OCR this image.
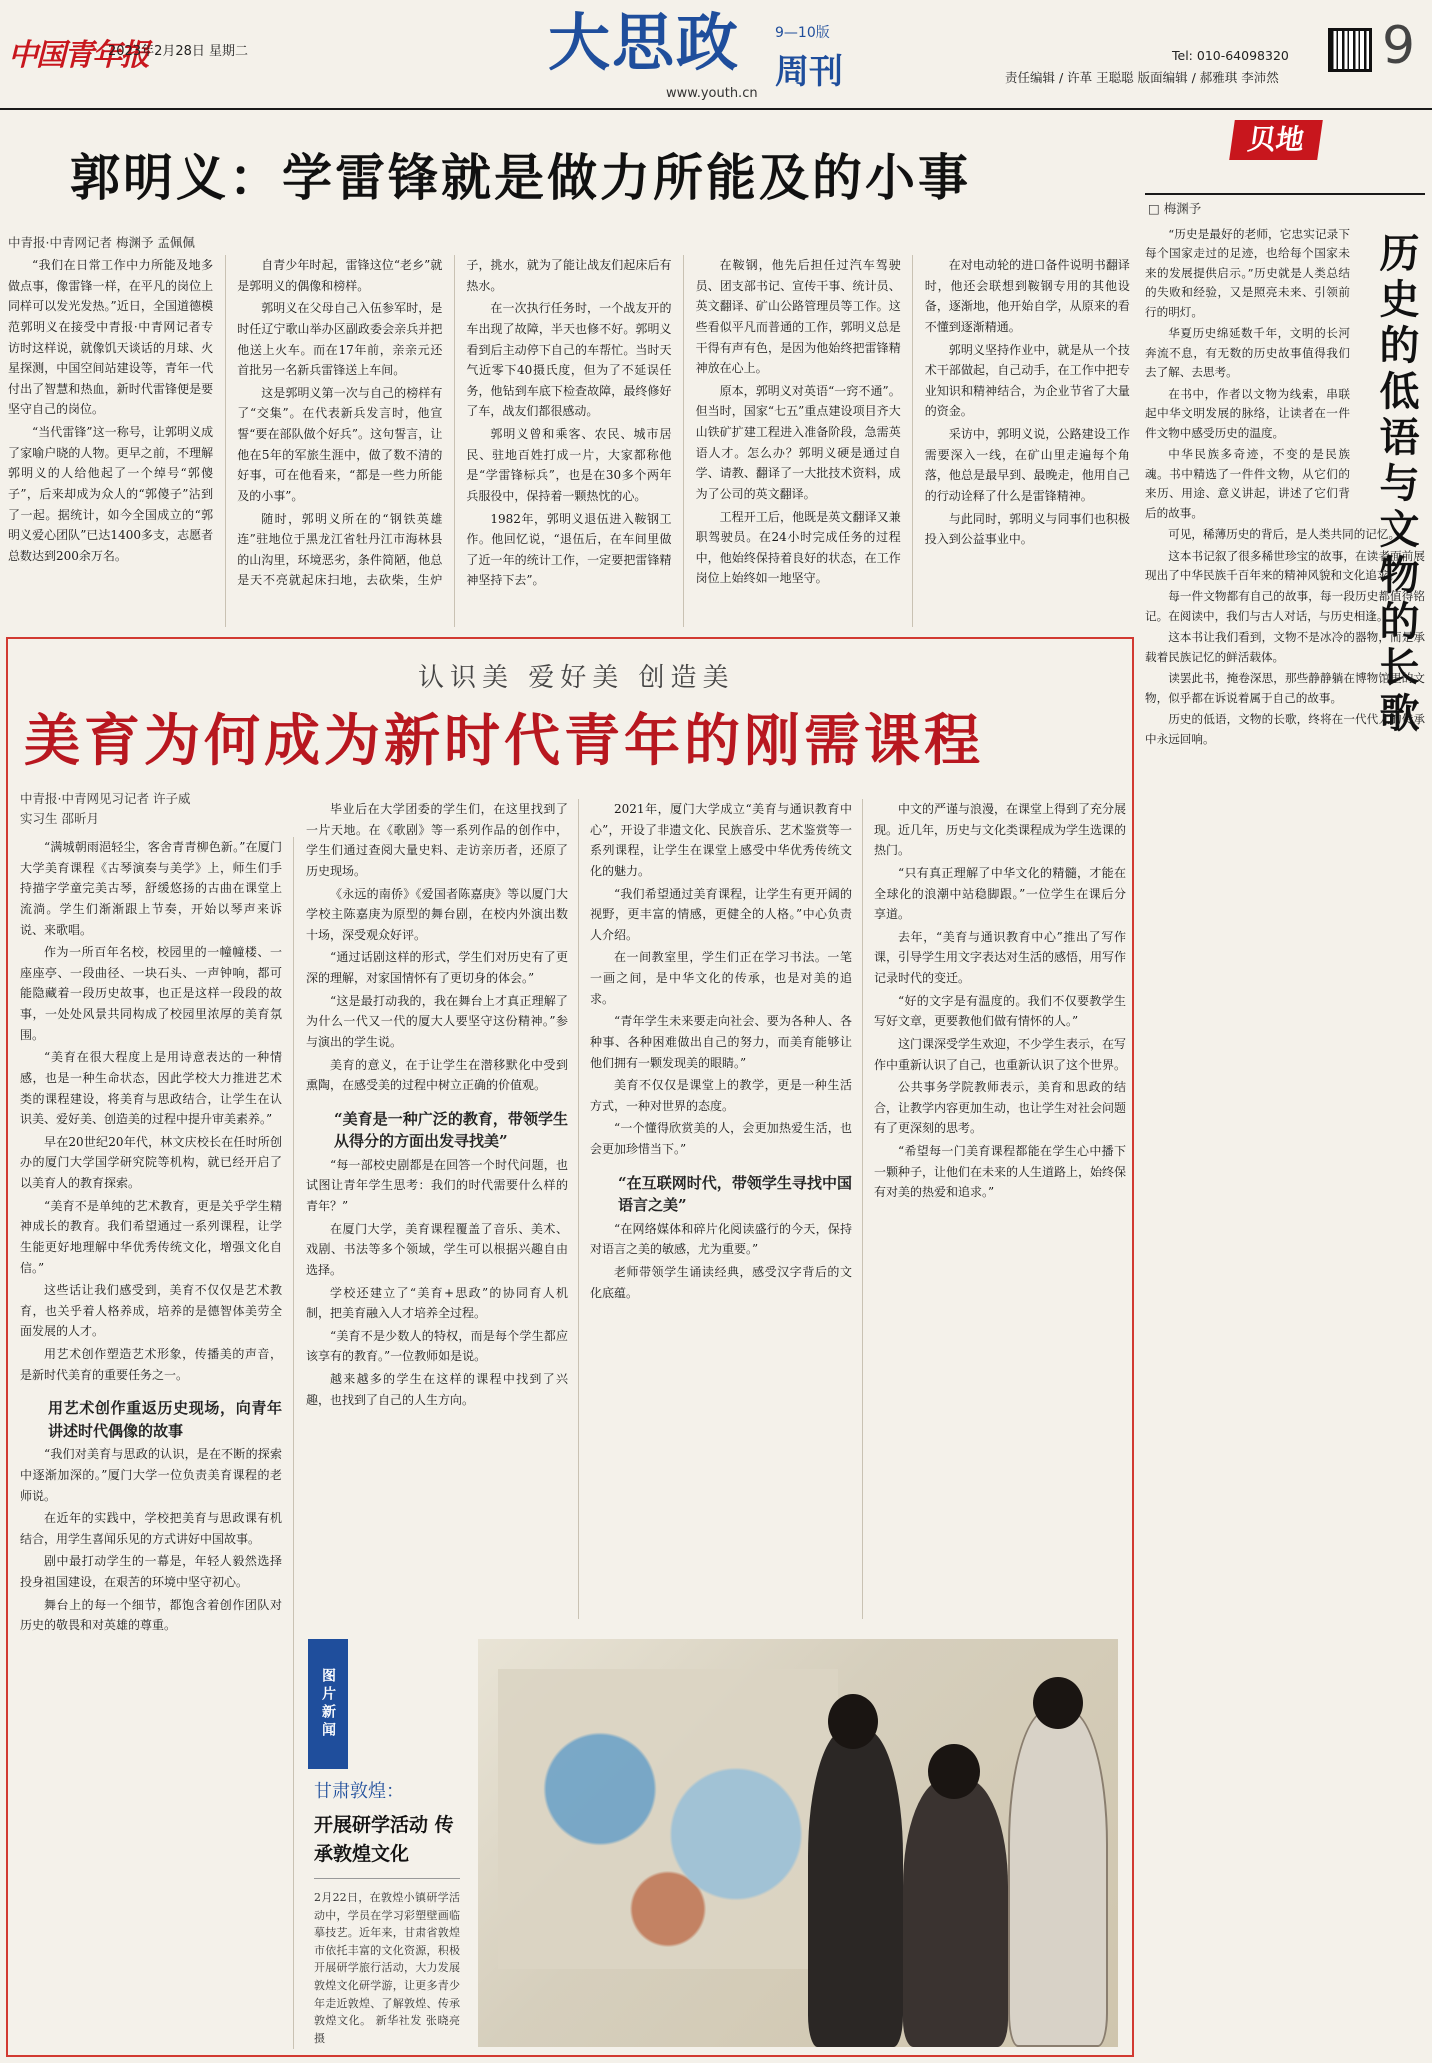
中国青年报
2023年2月28日 星期二	大思政 9—10版
周刊
www.youth.cn
Tel: 010-64098320
责任编辑 / 许革 王聪聪 版面编辑 / 郝雅琪 李沛然
9
郭明义：学雷锋就是做力所能及的小事
中青报·中青网记者 梅渊予 孟佩佩

“我们在日常工作中力所能及地多做点事，像雷锋一样，在平凡的岗位上同样可以发光发热。”近日，全国道德模范郭明义在接受中青报·中青网记者专访时这样说，就像饥天谈话的月球、火星探测，中国空间站建设等，青年一代付出了智慧和热血，新时代雷锋便是要坚守自己的岗位。

“当代雷锋”这一称号，让郭明义成了家喻户晓的人物。更早之前，不理解郭明义的人给他起了一个绰号“郭傻子”，后来却成为众人的“郭傻子”沾到了一起。据统计，如今全国成立的“郭明义爱心团队”已达1400多支，志愿者总数达到200余万名。

自青少年时起，雷锋这位“老乡”就是郭明义的偶像和榜样。

郭明义在父母自己入伍参军时，是时任辽宁歌山举办区副政委会亲兵并把他送上火车。而在17年前，亲亲元还首批另一名新兵雷锋送上车间。

这是郭明义第一次与自己的榜样有了“交集”。在代表新兵发言时，他宣誓“要在部队做个好兵”。这句誓言，让他在5年的军旅生涯中，做了数不清的好事，可在他看来，“都是一些力所能及的小事”。

随时，郭明义所在的“钢铁英雄连”驻地位于黑龙江省牡丹江市海林县的山沟里，环境恶劣，条件简陋，他总是天不亮就起床扫地，去砍柴，生炉子，挑水，就为了能让战友们起床后有热水。

在一次执行任务时，一个战友开的车出现了故障，半天也修不好。郭明义看到后主动停下自己的车帮忙。当时天气近零下40摄氏度，但为了不延误任务，他钻到车底下检查故障，最终修好了车，战友们都很感动。

郭明义曾和乘客、农民、城市居民、驻地百姓打成一片，大家都称他是“学雷锋标兵”，也是在30多个两年兵服役中，保持着一颗热忱的心。

1982年，郭明义退伍进入鞍钢工作。他回忆说，“退伍后，在车间里做了近一年的统计工作，一定要把雷锋精神坚持下去”。

在鞍钢，他先后担任过汽车驾驶员、团支部书记、宣传干事、统计员、英文翻译、矿山公路管理员等工作。这些看似平凡而普通的工作，郭明义总是干得有声有色，是因为他始终把雷锋精神放在心上。

原本，郭明义对英语“一窍不通”。但当时，国家“七五”重点建设项目齐大山铁矿扩建工程进入准备阶段，急需英语人才。怎么办？郭明义硬是通过自学、请教、翻译了一大批技术资料，成为了公司的英文翻译。

工程开工后，他既是英文翻译又兼职驾驶员。在24小时完成任务的过程中，他始终保持着良好的状态，在工作岗位上始终如一地坚守。

在对电动轮的进口备件说明书翻译时，他还会联想到鞍钢专用的其他设备，逐渐地，他开始自学，从原来的看不懂到逐渐精通。

郭明义坚持作业中，就是从一个技术干部做起，自己动手，在工作中把专业知识和精神结合，为企业节省了大量的资金。

采访中，郭明义说，公路建设工作需要深入一线，在矿山里走遍每个角落，他总是最早到、最晚走，他用自己的行动诠释了什么是雷锋精神。

与此同时，郭明义与同事们也积极投入到公益事业中。

贝地
□ 梅渊予
历史的低语与文物的长歌

“历史是最好的老师，它忠实记录下每个国家走过的足迹，也给每个国家未来的发展提供启示。”历史就是人类总结的失败和经验，又是照亮未来、引领前行的明灯。

华夏历史绵延数千年，文明的长河奔流不息，有无数的历史故事值得我们去了解、去思考。

在书中，作者以文物为线索，串联起中华文明发展的脉络，让读者在一件件文物中感受历史的温度。

中华民族多奇迹，不变的是民族魂。书中精选了一件件文物，从它们的来历、用途、意义讲起，讲述了它们背后的故事。

可见，稀薄历史的背后，是人类共同的记忆。

这本书记叙了很多稀世珍宝的故事，在读者面前展现出了中华民族千百年来的精神风貌和文化追求。

每一件文物都有自己的故事，每一段历史都值得铭记。在阅读中，我们与古人对话，与历史相逢。

这本书让我们看到，文物不是冰冷的器物，而是承载着民族记忆的鲜活载体。

读罢此书，掩卷深思，那些静静躺在博物馆里的文物，似乎都在诉说着属于自己的故事。

历史的低语，文物的长歌，终将在一代代人的传承中永远回响。

认识美 爱好美 创造美
美育为何成为新时代青年的刚需课程
中青报·中青网见习记者 许子威
实习生 邵昕月

“满城朝雨浥轻尘，客舍青青柳色新。”在厦门大学美育课程《古琴演奏与美学》上，师生们手持描字学童完美古琴，舒缓悠扬的古曲在课堂上流淌。学生们渐渐跟上节奏，开始以琴声来诉说、来歌唱。

作为一所百年名校，校园里的一幢幢楼、一座座亭、一段曲径、一块石头、一声钟响，都可能隐藏着一段历史故事，也正是这样一段段的故事，一处处风景共同构成了校园里浓厚的美育氛围。

“美育在很大程度上是用诗意表达的一种情感，也是一种生命状态，因此学校大力推进艺术类的课程建设，将美育与思政结合，让学生在认识美、爱好美、创造美的过程中提升审美素养。”

早在20世纪20年代，林文庆校长在任时所创办的厦门大学国学研究院等机构，就已经开启了以美育人的教育探索。

“美育不是单纯的艺术教育，更是关乎学生精神成长的教育。我们希望通过一系列课程，让学生能更好地理解中华优秀传统文化，增强文化自信。”

这些话让我们感受到，美育不仅仅是艺术教育，也关乎着人格养成，培养的是德智体美劳全面发展的人才。

用艺术创作塑造艺术形象，传播美的声音，是新时代美育的重要任务之一。

用艺术创作重返历史现场，向青年讲述时代偶像的故事

“我们对美育与思政的认识，是在不断的探索中逐渐加深的。”厦门大学一位负责美育课程的老师说。

在近年的实践中，学校把美育与思政课有机结合，用学生喜闻乐见的方式讲好中国故事。

剧中最打动学生的一幕是，年轻人毅然选择投身祖国建设，在艰苦的环境中坚守初心。

舞台上的每一个细节，都饱含着创作团队对历史的敬畏和对英雄的尊重。

毕业后在大学团委的学生们，在这里找到了一片天地。在《歌剧》等一系列作品的创作中，学生们通过查阅大量史料、走访亲历者，还原了历史现场。

《永远的南侨》《爱国者陈嘉庚》等以厦门大学校主陈嘉庚为原型的舞台剧，在校内外演出数十场，深受观众好评。

“通过话剧这样的形式，学生们对历史有了更深的理解，对家国情怀有了更切身的体会。”

“这是最打动我的，我在舞台上才真正理解了为什么一代又一代的厦大人要坚守这份精神。”参与演出的学生说。

美育的意义，在于让学生在潜移默化中受到熏陶，在感受美的过程中树立正确的价值观。

“美育是一种广泛的教育，带领学生从得分的方面出发寻找美”

“每一部校史剧都是在回答一个时代问题，也试图让青年学生思考：我们的时代需要什么样的青年？”

在厦门大学，美育课程覆盖了音乐、美术、戏剧、书法等多个领域，学生可以根据兴趣自由选择。

学校还建立了“美育+思政”的协同育人机制，把美育融入人才培养全过程。

“美育不是少数人的特权，而是每个学生都应该享有的教育。”一位教师如是说。

越来越多的学生在这样的课程中找到了兴趣，也找到了自己的人生方向。

2021年，厦门大学成立“美育与通识教育中心”，开设了非遗文化、民族音乐、艺术鉴赏等一系列课程，让学生在课堂上感受中华优秀传统文化的魅力。

“我们希望通过美育课程，让学生有更开阔的视野，更丰富的情感，更健全的人格。”中心负责人介绍。

在一间教室里，学生们正在学习书法。一笔一画之间，是中华文化的传承，也是对美的追求。

“青年学生未来要走向社会、要为各种人、各种事、各种困难做出自己的努力，而美育能够让他们拥有一颗发现美的眼睛。”

美育不仅仅是课堂上的教学，更是一种生活方式，一种对世界的态度。

“一个懂得欣赏美的人，会更加热爱生活，也会更加珍惜当下。”

“在互联网时代，带领学生寻找中国语言之美”

“在网络媒体和碎片化阅读盛行的今天，保持对语言之美的敏感，尤为重要。”

老师带领学生诵读经典，感受汉字背后的文化底蕴。

中文的严谨与浪漫，在课堂上得到了充分展现。近几年，历史与文化类课程成为学生选课的热门。

“只有真正理解了中华文化的精髓，才能在全球化的浪潮中站稳脚跟。”一位学生在课后分享道。

去年，“美育与通识教育中心”推出了写作课，引导学生用文字表达对生活的感悟，用写作记录时代的变迁。

“好的文字是有温度的。我们不仅要教学生写好文章，更要教他们做有情怀的人。”

这门课深受学生欢迎，不少学生表示，在写作中重新认识了自己，也重新认识了这个世界。

公共事务学院教师表示，美育和思政的结合，让教学内容更加生动，也让学生对社会问题有了更深刻的思考。

“希望每一门美育课程都能在学生心中播下一颗种子，让他们在未来的人生道路上，始终保有对美的热爱和追求。”

图片新闻
甘肃敦煌：
开展研学活动 传承敦煌文化
2月22日，在敦煌小镇研学活动中，学员在学习彩塑壁画临摹技艺。近年来，甘肃省敦煌市依托丰富的文化资源，积极开展研学旅行活动，大力发展敦煌文化研学游，让更多青少年走近敦煌、了解敦煌、传承敦煌文化。 新华社发 张晓亮 摄
